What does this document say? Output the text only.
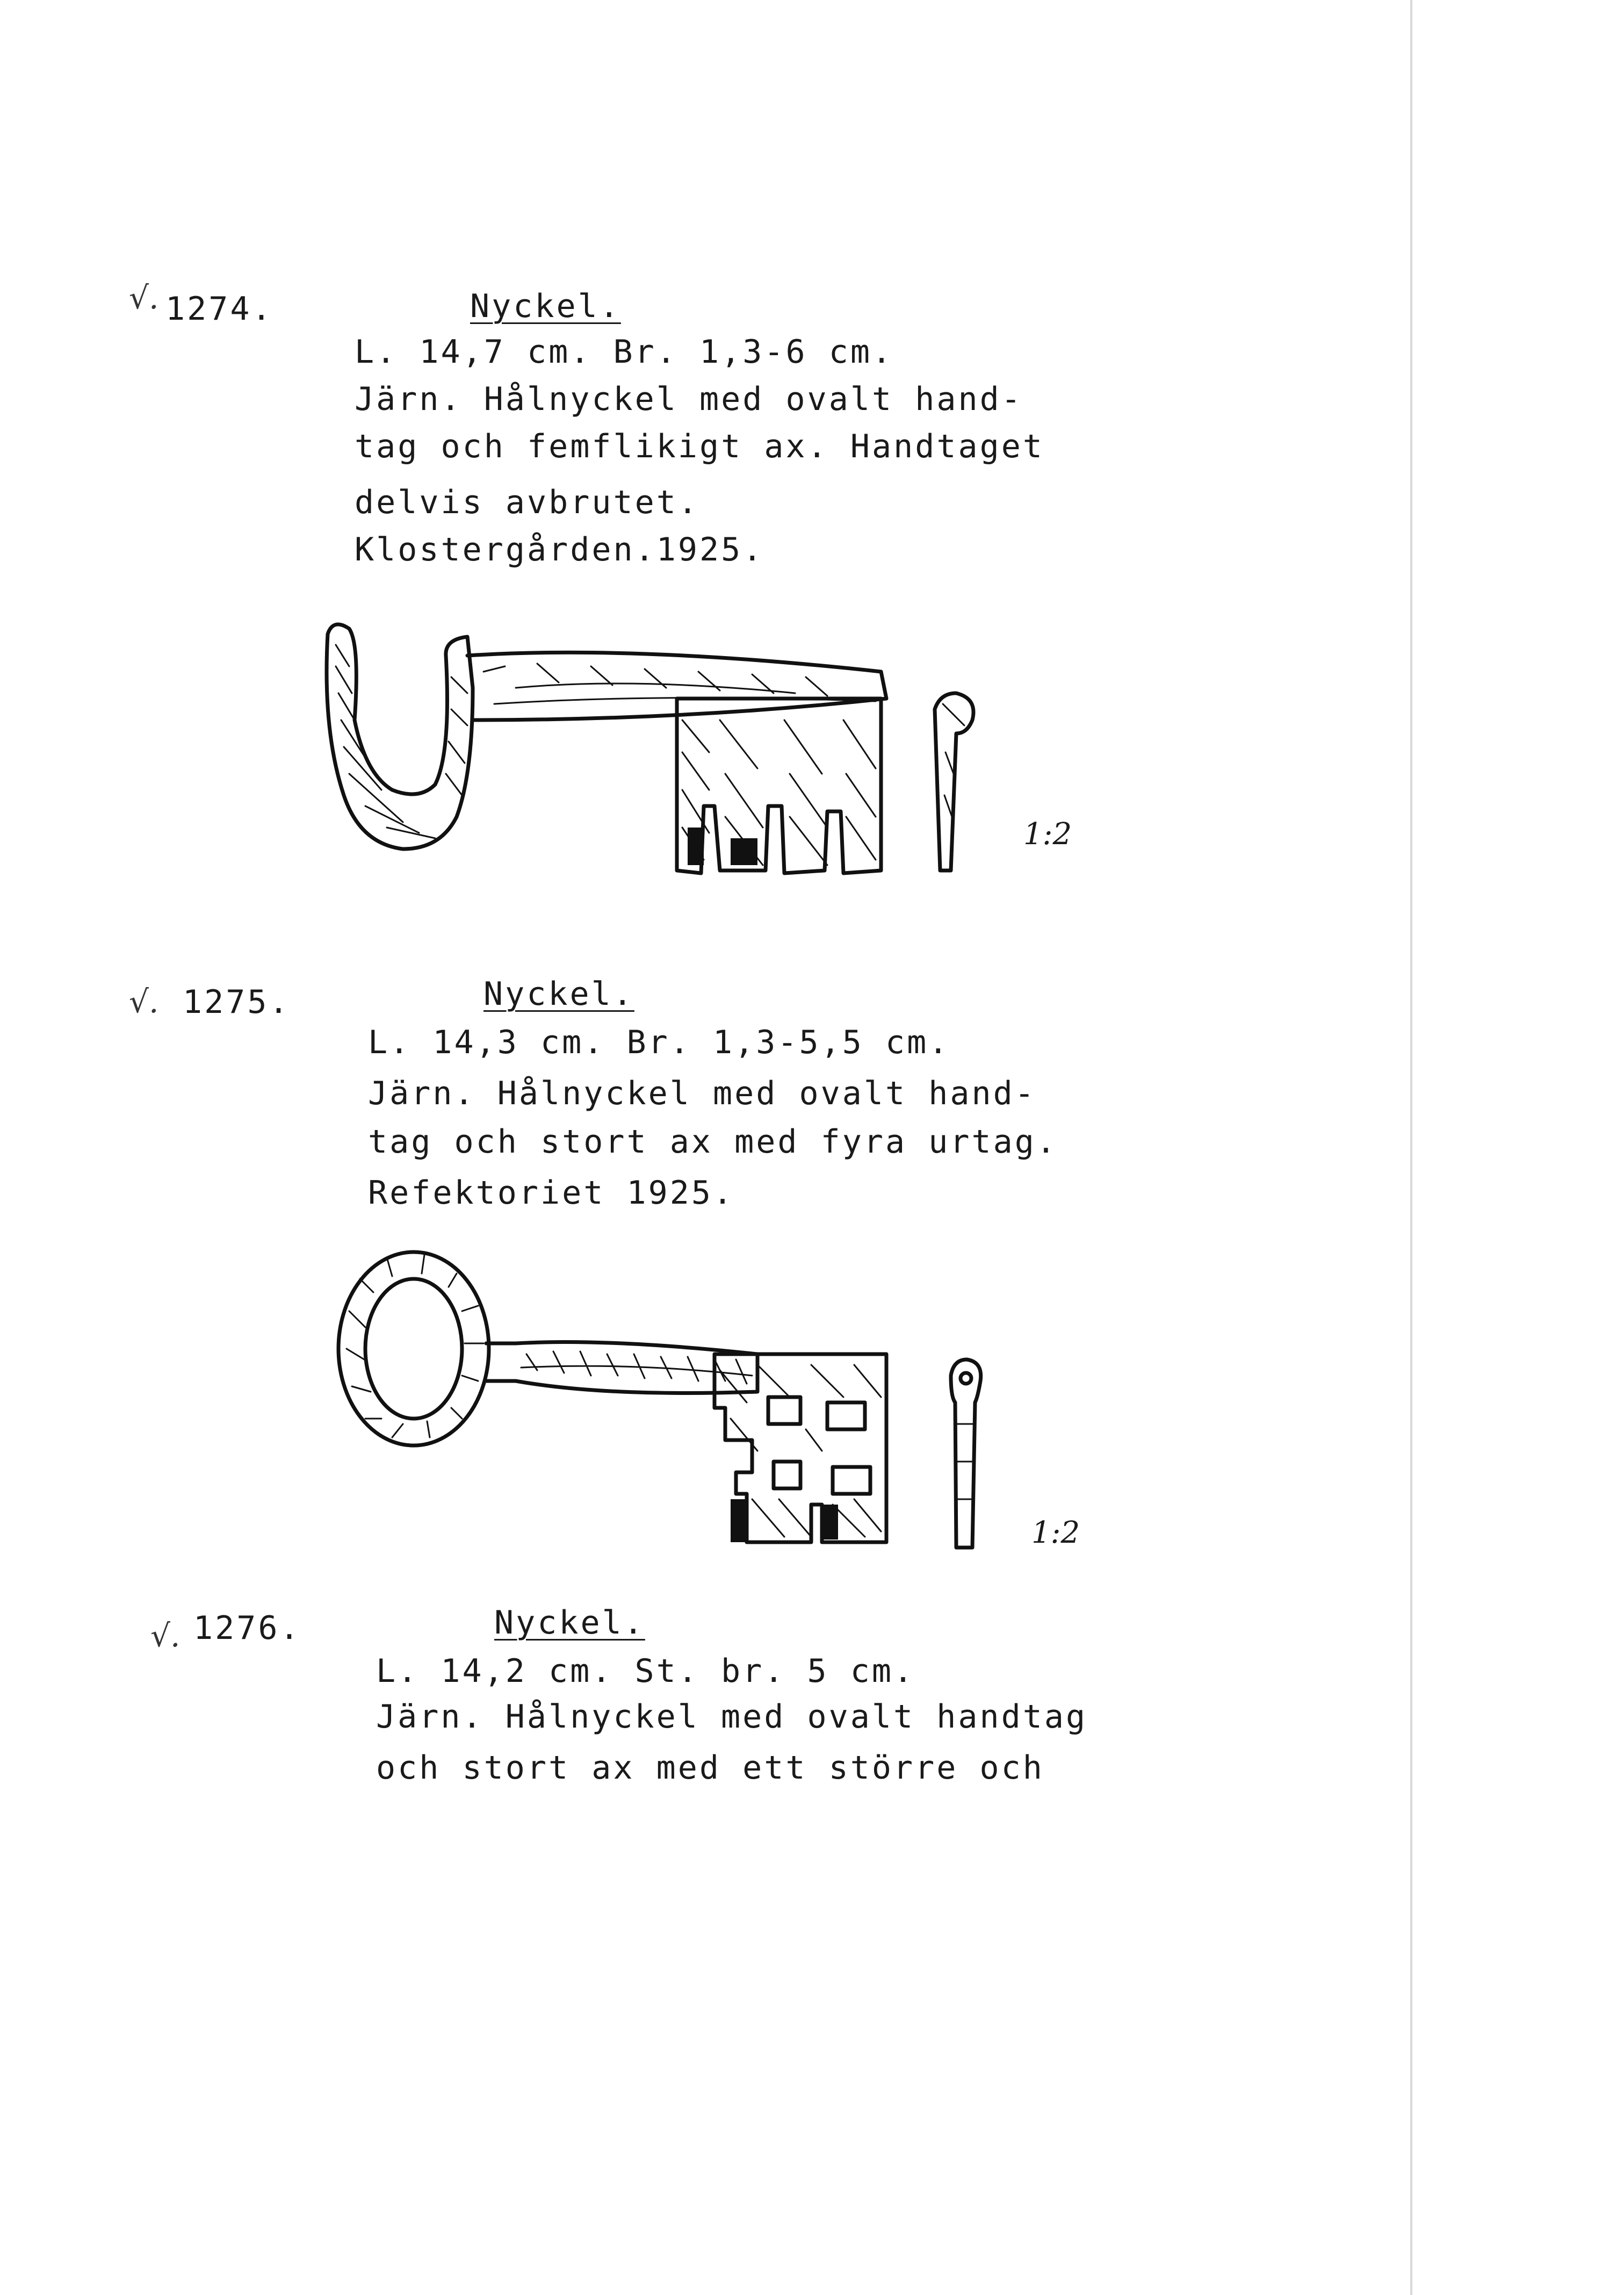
√. 1274.	Nyckel.
L. 14,7 cm. Br. 1,3-6 cm.
Järn. Hålnyckel med ovalt hand-
tag och femflikigt ax. Handtaget
delvis avbrutet.
Klostergården.1925.
1:2
√. 1275.	Nyckel.
L. 14,3 cm. Br. 1,3-5,5 cm.
Järn. Hålnyckel med ovalt hand-
tag och stort ax med fyra urtag.
Refektoriet 1925.
1:2
√. 1276.	Nyckel.
L. 14,2 cm. St. br. 5 cm.
Järn. Hålnyckel med ovalt handtag
och stort ax med ett större och
